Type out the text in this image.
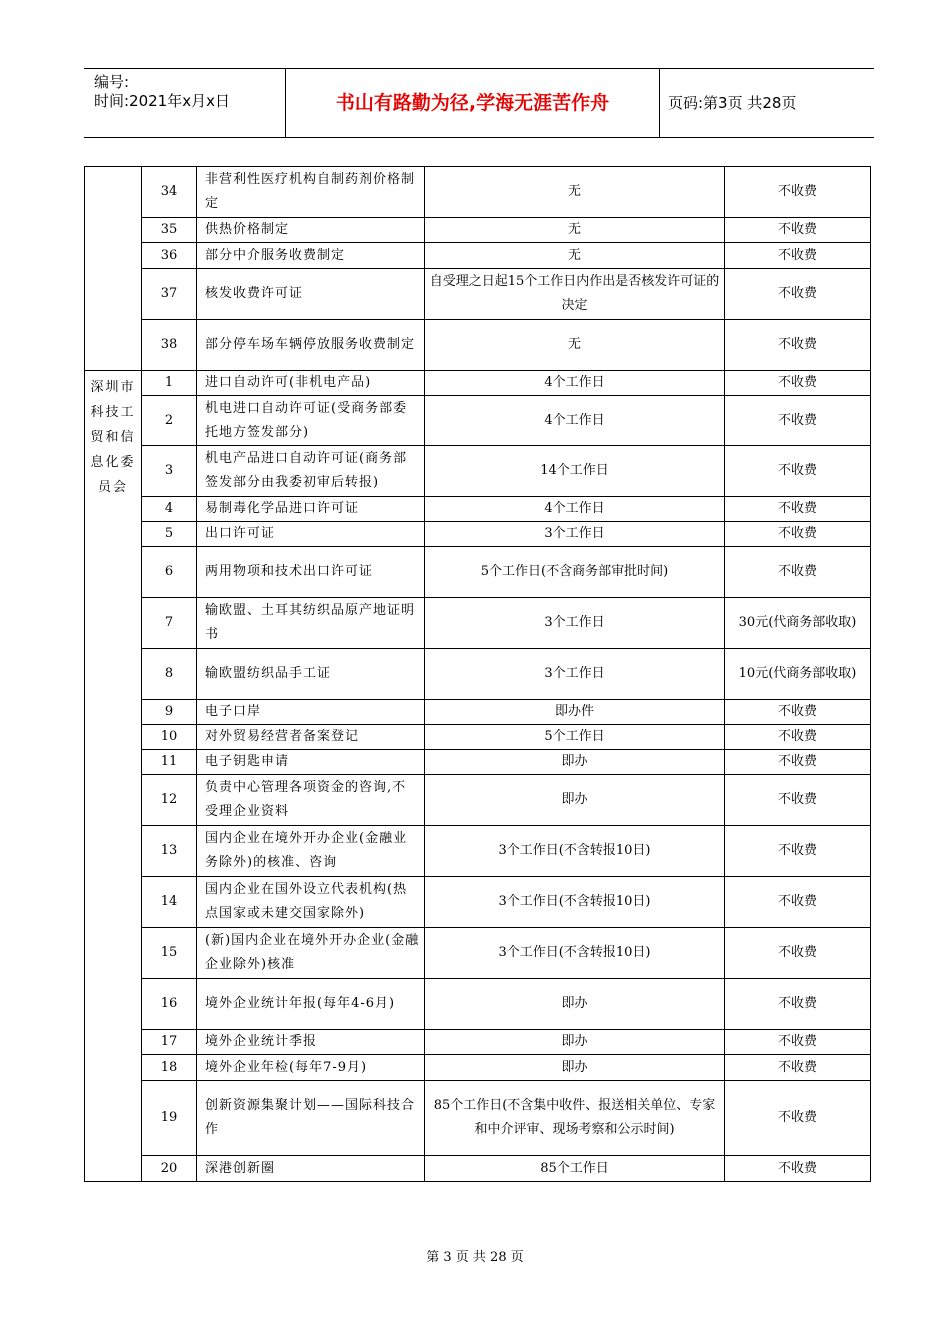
编号:
时间:2021年x月x日	书山有路勤为径,学海无涯苦作舟	页码:第3页 共28页
	34	非营利性医疗机构自制药剂价格制定	无	不收费
	35	供热价格制定	无	不收费
	36	部分中介服务收费制定	无	不收费
	37	核发收费许可证	自受理之日起15个工作日内作出是否核发许可证的决定	不收费
	38	部分停车场车辆停放服务收费制定	无	不收费
深圳市科技工贸和信息化委员会	1	进口自动许可(非机电产品)	4个工作日	不收费
	2	机电进口自动许可证(受商务部委托地方签发部分)	4个工作日	不收费
	3	机电产品进口自动许可证(商务部签发部分由我委初审后转报)	14个工作日	不收费
	4	易制毒化学品进口许可证	4个工作日	不收费
	5	出口许可证	3个工作日	不收费
	6	两用物项和技术出口许可证	5个工作日(不含商务部审批时间)	不收费
	7	输欧盟、土耳其纺织品原产地证明书	3个工作日	30元(代商务部收取)
	8	输欧盟纺织品手工证	3个工作日	10元(代商务部收取)
	9	电子口岸	即办件	不收费
	10	对外贸易经营者备案登记	5个工作日	不收费
	11	电子钥匙申请	即办	不收费
	12	负责中心管理各项资金的咨询,不受理企业资料	即办	不收费
	13	国内企业在境外开办企业(金融业务除外)的核准、咨询	3个工作日(不含转报10日)	不收费
	14	国内企业在国外设立代表机构(热点国家或未建交国家除外)	3个工作日(不含转报10日)	不收费
	15	(新)国内企业在境外开办企业(金融企业除外)核准	3个工作日(不含转报10日)	不收费
	16	境外企业统计年报(每年4-6月)	即办	不收费
	17	境外企业统计季报	即办	不收费
	18	境外企业年检(每年7-9月)	即办	不收费
	19	创新资源集聚计划——国际科技合作	85个工作日(不含集中收件、报送相关单位、专家和中介评审、现场考察和公示时间)	不收费
	20	深港创新圈	85个工作日	不收费
第 3 页 共 28 页
